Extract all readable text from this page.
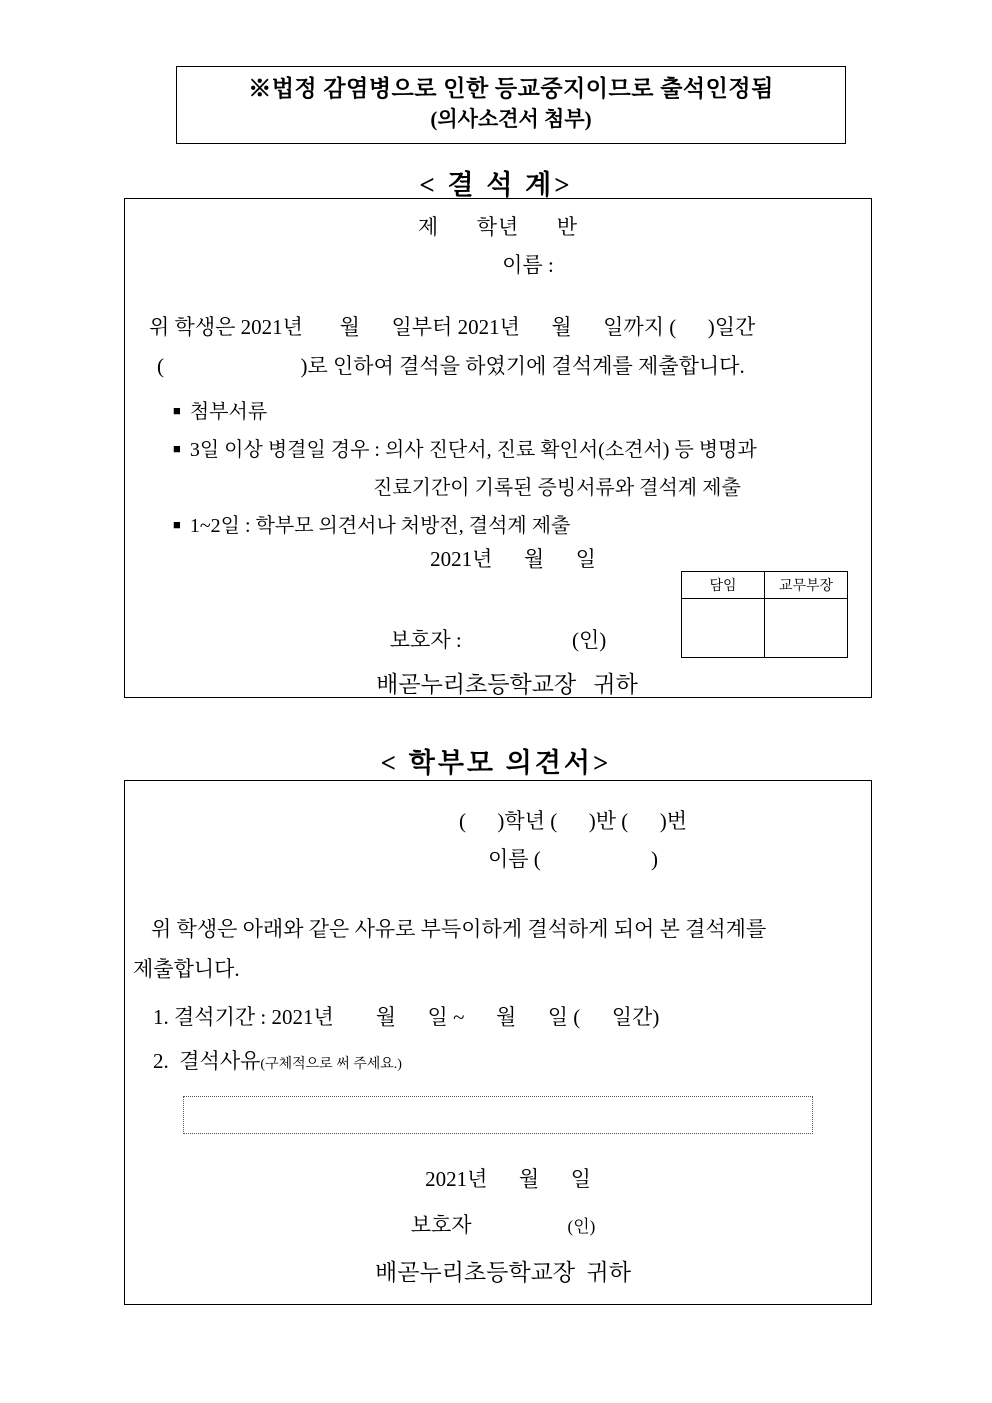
※법정 감염병으로 인한 등교중지이므로 출석인정됨
(의사소견서 첨부)
< 결 석 계>
제      학년      반
이름 :
위 학생은 2021년       월      일부터 2021년      월      일까지 (      )일간
(                          )로 인하여 결석을 하였기에 결석계를 제출합니다.
■ 첨부서류
■ 3일 이상 병결일 경우 : 의사 진단서, 진료 확인서(소견서) 등 병명과
진료기간이 기록된 증빙서류와 결석계 제출
■ 1~2일 : 학부모 의견서나 처방전, 결석계 제출
2021년      월      일
담임	교무부장

보호자 :                     (인)
배곧누리초등학교장   귀하
< 학부모 의견서>
(      )학년 (      )반 (      )번
이름 (                     )
위 학생은 아래와 같은 사유로 부득이하게 결석하게 되어 본 결석계를
제출합니다.
1. 결석기간 : 2021년        월      일 ~      월      일 (      일간)
2.  결석사유(구체적으로 써 주세요.)
2021년      월      일
보호자	(인)
배곧누리초등학교장  귀하
